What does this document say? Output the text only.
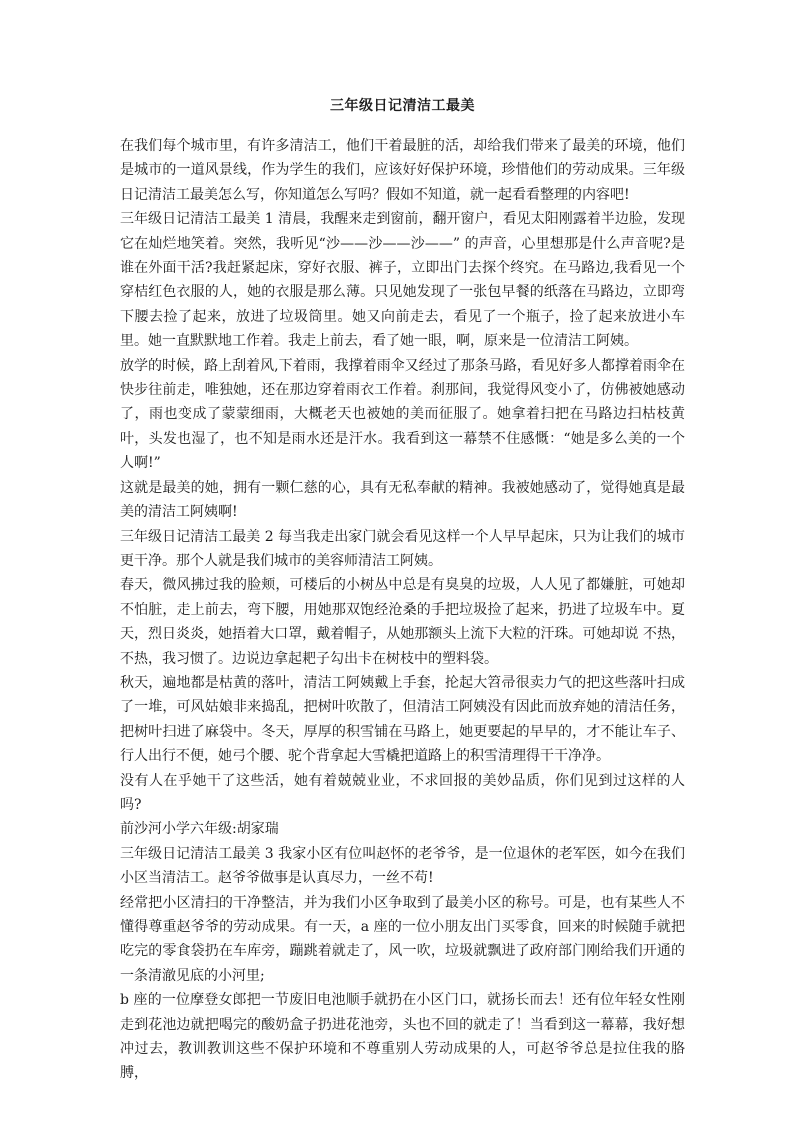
三年级日记清洁工最美

在我们每个城市里，有许多清洁工，他们干着最脏的活，却给我们带来了最美的环境，他们是城市的一道风景线，作为学生的我们，应该好好保护环境，珍惜他们的劳动成果。三年级日记清洁工最美怎么写，你知道怎么写吗？假如不知道，就一起看看整理的内容吧!

三年级日记清洁工最美 1 清晨，我醒来走到窗前，翻开窗户，看见太阳刚露着半边脸，发现它在灿烂地笑着。突然，我听见“沙——沙——沙——” 的声音，心里想那是什么声音呢?是谁在外面干活?我赶紧起床，穿好衣服、裤子，立即出门去探个终究。在马路边,我看见一个穿桔红色衣服的人，她的衣服是那么薄。只见她发现了一张包早餐的纸落在马路边，立即弯下腰去捡了起来，放进了垃圾筒里。她又向前走去，看见了一个瓶子，捡了起来放进小车里。她一直默默地工作着。我走上前去，看了她一眼，啊，原来是一位清洁工阿姨。

放学的时候，路上刮着风,下着雨，我撑着雨伞又经过了那条马路，看见好多人都撑着雨伞在快步往前走，唯独她，还在那边穿着雨衣工作着。刹那间，我觉得风变小了，仿佛被她感动了，雨也变成了蒙蒙细雨，大概老天也被她的美而征服了。她拿着扫把在马路边扫枯枝黄叶，头发也湿了，也不知是雨水还是汗水。我看到这一幕禁不住感慨：“她是多么美的一个人啊!”

这就是最美的她，拥有一颗仁慈的心，具有无私奉献的精神。我被她感动了，觉得她真是最美的清洁工阿姨啊!

三年级日记清洁工最美 2 每当我走出家门就会看见这样一个人早早起床，只为让我们的城市更干净。那个人就是我们城市的美容师清洁工阿姨。

春天，微风拂过我的脸颊，可楼后的小树丛中总是有臭臭的垃圾，人人见了都嫌脏，可她却不怕脏，走上前去，弯下腰，用她那双饱经沧桑的手把垃圾捡了起来，扔进了垃圾车中。夏天，烈日炎炎，她捂着大口罩，戴着帽子，从她那额头上流下大粒的汗珠。可她却说 不热，不热，我习惯了。边说边拿起耙子勾出卡在树枝中的塑料袋。

秋天，遍地都是枯黄的落叶，清洁工阿姨戴上手套，抡起大笤帚很卖力气的把这些落叶扫成了一堆，可风姑娘非来捣乱，把树叶吹散了，但清洁工阿姨没有因此而放弃她的清洁任务，把树叶扫进了麻袋中。冬天，厚厚的积雪铺在马路上，她更要起的早早的，才不能让车子、行人出行不便，她弓个腰、驼个背拿起大雪橇把道路上的积雪清理得干干净净。

没有人在乎她干了这些活，她有着兢兢业业，不求回报的美妙品质，你们见到过这样的人吗?

前沙河小学六年级:胡家瑞

三年级日记清洁工最美 3 我家小区有位叫赵怀的老爷爷，是一位退休的老军医，如今在我们小区当清洁工。赵爷爷做事是认真尽力，一丝不苟!

经常把小区清扫的干净整洁，并为我们小区争取到了最美小区的称号。可是，也有某些人不懂得尊重赵爷爷的劳动成果。有一天，a 座的一位小朋友出门买零食，回来的时候随手就把吃完的零食袋扔在车库旁，蹦跳着就走了，风一吹，垃圾就飘进了政府部门刚给我们开通的一条清澈见底的小河里;

b 座的一位摩登女郎把一节废旧电池顺手就扔在小区门口，就扬长而去！还有位年轻女性刚走到花池边就把喝完的酸奶盒子扔进花池旁，头也不回的就走了！当看到这一幕幕，我好想冲过去，教训教训这些不保护环境和不尊重别人劳动成果的人，可赵爷爷总是拉住我的胳膊，
